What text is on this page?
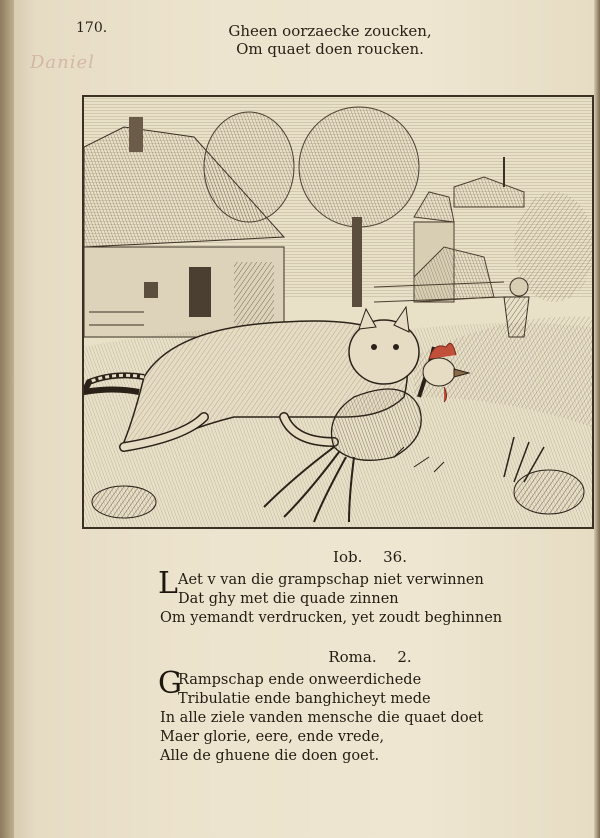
170.
Daniel
Gheen oorzaecke zoucken,
Om quaet doen roucken.
Iob. 36.
L Aet v van die grampschap niet verwinnen
Dat ghy met die quade zinnen
Om yemandt verdrucken, yet zoudt beghinnen
Roma. 2.
G
Rampschap ende onweerdichede
Tribulatie ende banghicheyt mede
In alle ziele vanden mensche die quaet doet
Maer glorie, eere, ende vrede,
Alle de ghuene die doen goet.
